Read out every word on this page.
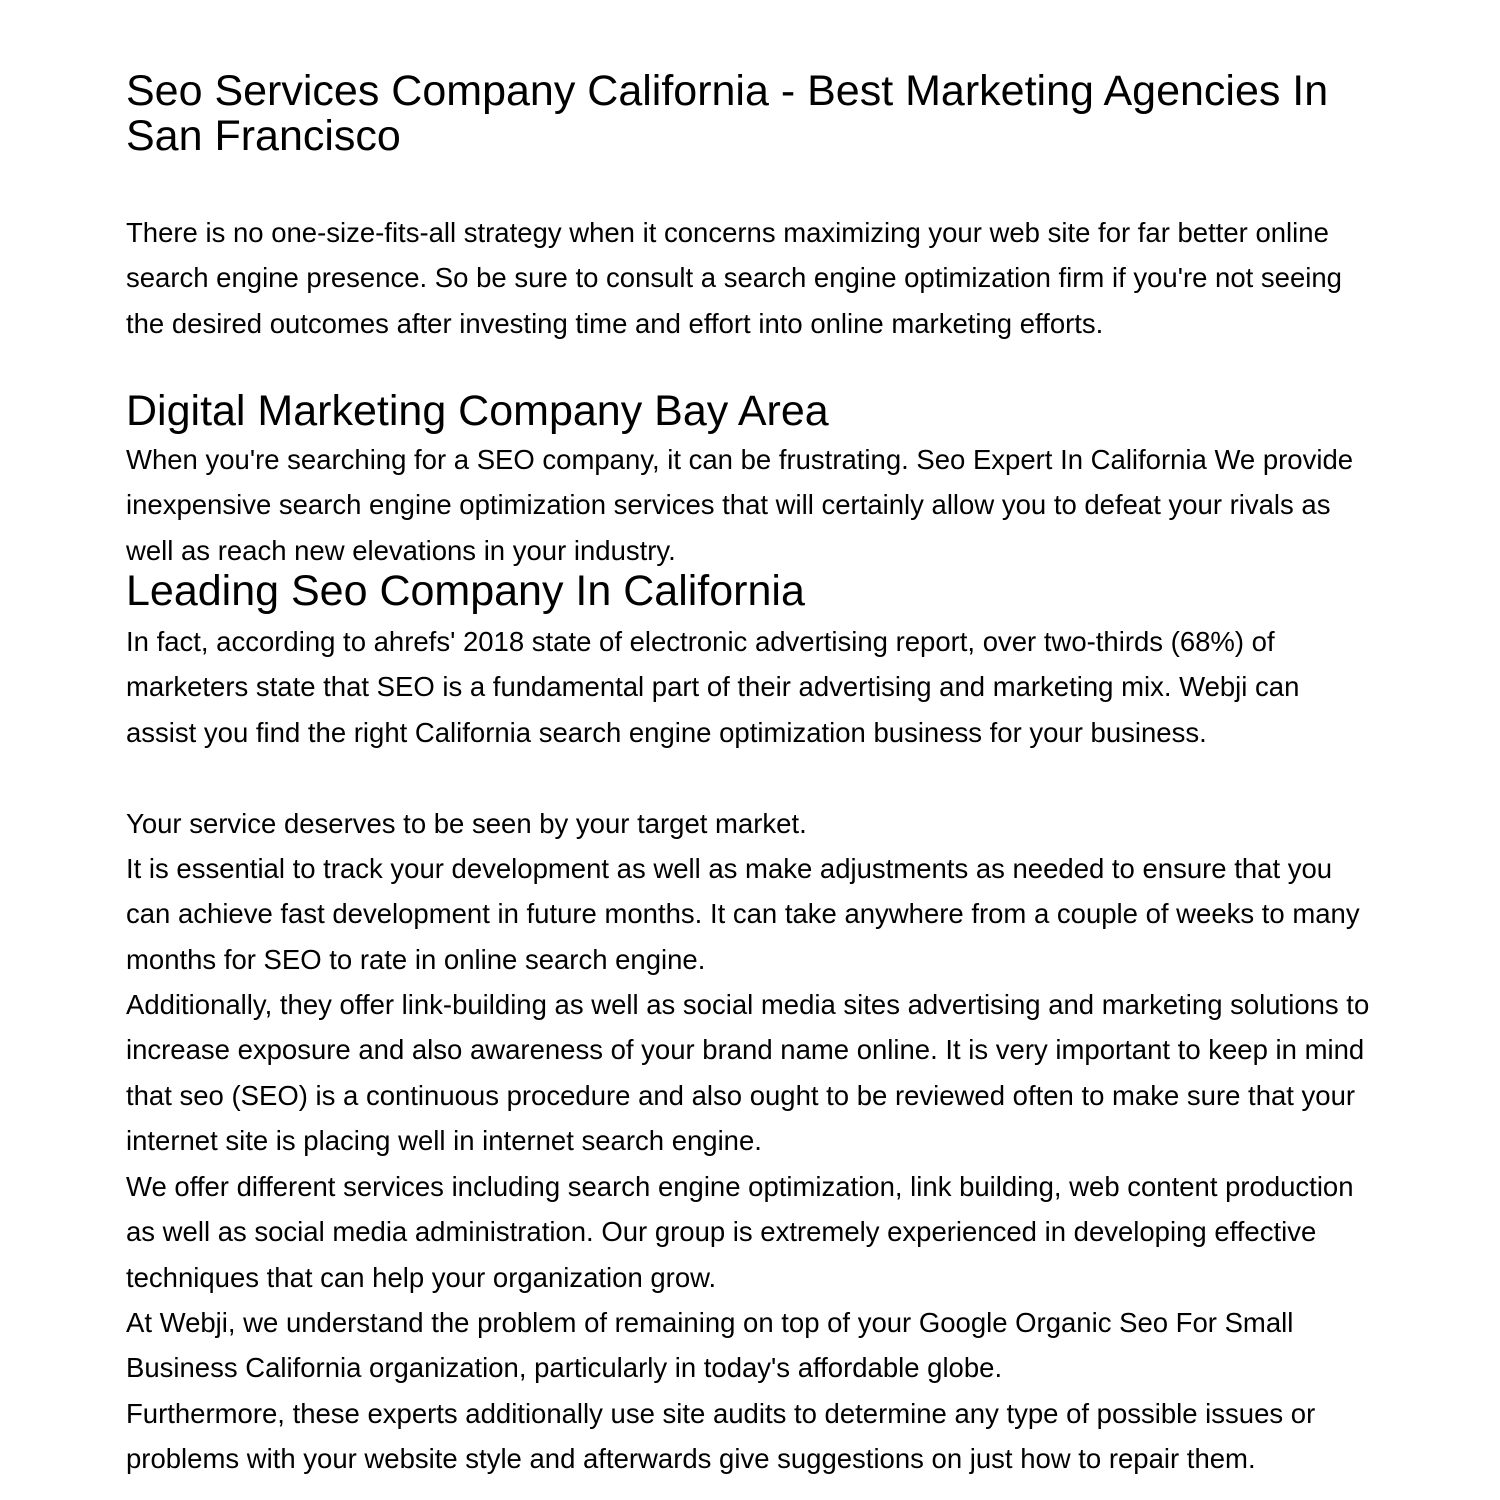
Seo Services Company California - Best Marketing Agencies In San Francisco

There is no one-size-fits-all strategy when it concerns maximizing your web site for far better online search engine presence. So be sure to consult a search engine optimization firm if you're not seeing the desired outcomes after investing time and effort into online marketing efforts.

Digital Marketing Company Bay Area

When you're searching for a SEO company, it can be frustrating. Seo Expert In California We provide inexpensive search engine optimization services that will certainly allow you to defeat your rivals as well as reach new elevations in your industry.

Leading Seo Company In California

In fact, according to ahrefs' 2018 state of electronic advertising report, over two-thirds (68%) of marketers state that SEO is a fundamental part of their advertising and marketing mix. Webji can assist you find the right California search engine optimization business for your business.

Your service deserves to be seen by your target market.

It is essential to track your development as well as make adjustments as needed to ensure that you can achieve fast development in future months. It can take anywhere from a couple of weeks to many months for SEO to rate in online search engine.

Additionally, they offer link-building as well as social media sites advertising and marketing solutions to increase exposure and also awareness of your brand name online. It is very important to keep in mind that seo (SEO) is a continuous procedure and also ought to be reviewed often to make sure that your internet site is placing well in internet search engine.

We offer different services including search engine optimization, link building, web content production as well as social media administration. Our group is extremely experienced in developing effective techniques that can help your organization grow.

At Webji, we understand the problem of remaining on top of your Google Organic Seo For Small Business California organization, particularly in today's affordable globe.

Furthermore, these experts additionally use site audits to determine any type of possible issues or problems with your website style and afterwards give suggestions on just how to repair them.
